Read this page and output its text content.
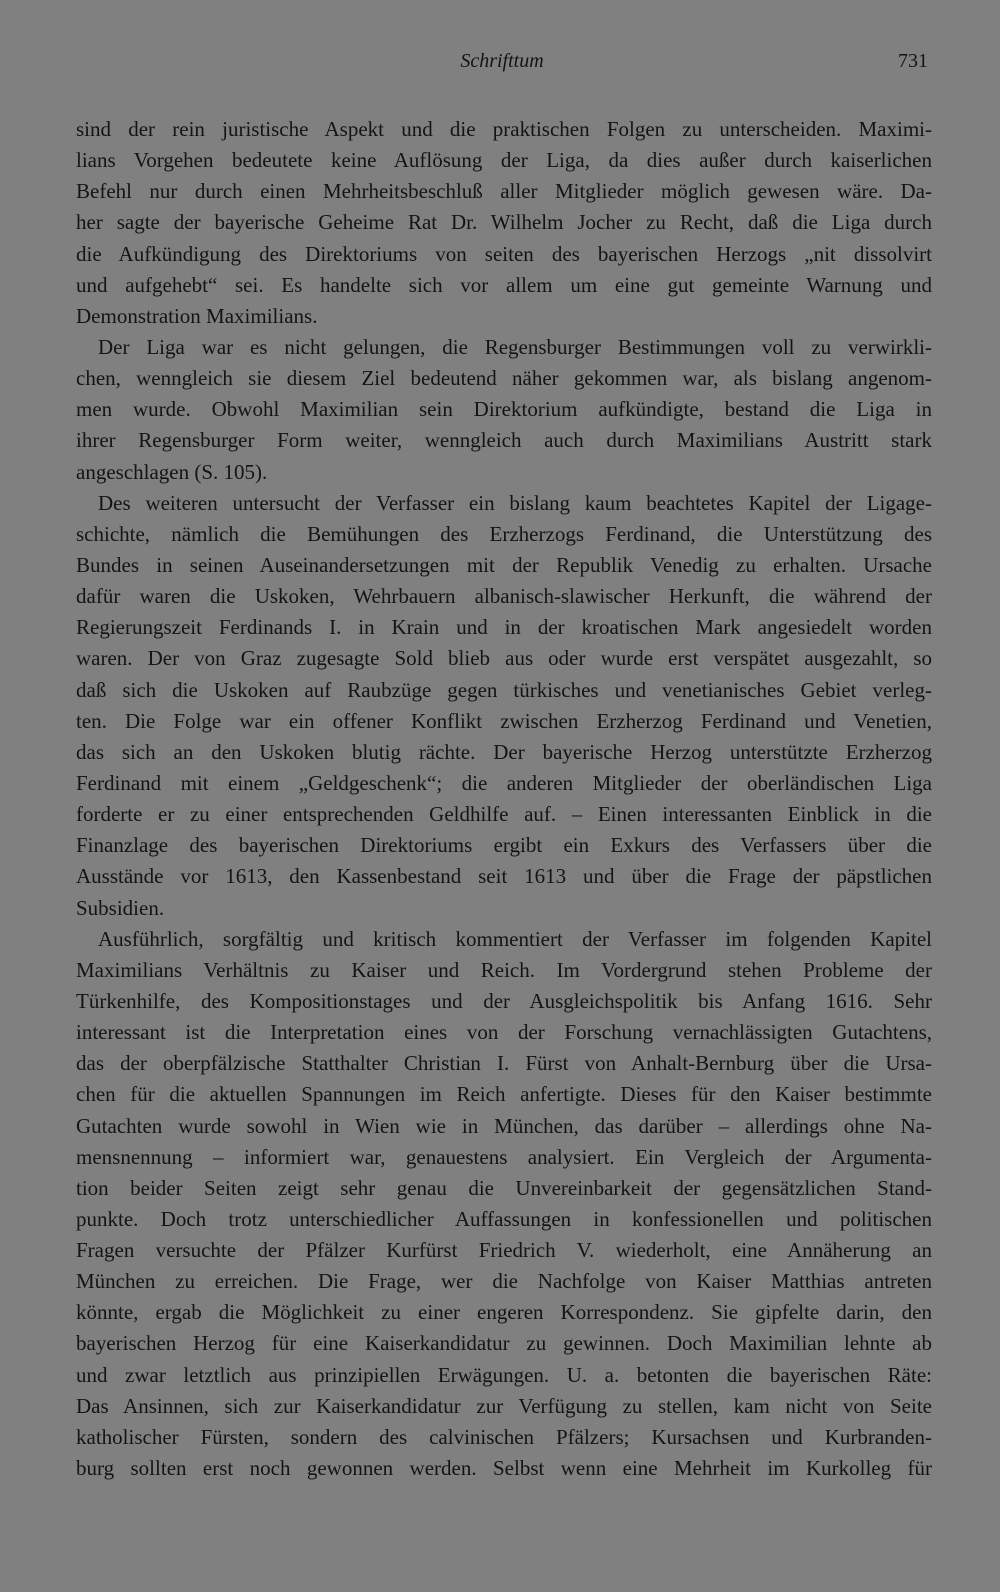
Schrifttum	731
sind der rein juristische Aspekt und die praktischen Folgen zu unterscheiden. Maximi-
lians Vorgehen bedeutete keine Auflösung der Liga, da dies außer durch kaiserlichen
Befehl nur durch einen Mehrheitsbeschluß aller Mitglieder möglich gewesen wäre. Da-
her sagte der bayerische Geheime Rat Dr. Wilhelm Jocher zu Recht, daß die Liga durch
die Aufkündigung des Direktoriums von seiten des bayerischen Herzogs „nit dissolvirt
und aufgehebt“ sei. Es handelte sich vor allem um eine gut gemeinte Warnung und
Demonstration Maximilians.
Der Liga war es nicht gelungen, die Regensburger Bestimmungen voll zu verwirkli-
chen, wenngleich sie diesem Ziel bedeutend näher gekommen war, als bislang angenom-
men wurde. Obwohl Maximilian sein Direktorium aufkündigte, bestand die Liga in
ihrer Regensburger Form weiter, wenngleich auch durch Maximilians Austritt stark
angeschlagen (S. 105).
Des weiteren untersucht der Verfasser ein bislang kaum beachtetes Kapitel der Ligage-
schichte, nämlich die Bemühungen des Erzherzogs Ferdinand, die Unterstützung des
Bundes in seinen Auseinandersetzungen mit der Republik Venedig zu erhalten. Ursache
dafür waren die Uskoken, Wehrbauern albanisch-slawischer Herkunft, die während der
Regierungszeit Ferdinands I. in Krain und in der kroatischen Mark angesiedelt worden
waren. Der von Graz zugesagte Sold blieb aus oder wurde erst verspätet ausgezahlt, so
daß sich die Uskoken auf Raubzüge gegen türkisches und venetianisches Gebiet verleg-
ten. Die Folge war ein offener Konflikt zwischen Erzherzog Ferdinand und Venetien,
das sich an den Uskoken blutig rächte. Der bayerische Herzog unterstützte Erzherzog
Ferdinand mit einem „Geldgeschenk“; die anderen Mitglieder der oberländischen Liga
forderte er zu einer entsprechenden Geldhilfe auf. – Einen interessanten Einblick in die
Finanzlage des bayerischen Direktoriums ergibt ein Exkurs des Verfassers über die
Ausstände vor 1613, den Kassenbestand seit 1613 und über die Frage der päpstlichen
Subsidien.
Ausführlich, sorgfältig und kritisch kommentiert der Verfasser im folgenden Kapitel
Maximilians Verhältnis zu Kaiser und Reich. Im Vordergrund stehen Probleme der
Türkenhilfe, des Kompositionstages und der Ausgleichspolitik bis Anfang 1616. Sehr
interessant ist die Interpretation eines von der Forschung vernachlässigten Gutachtens,
das der oberpfälzische Statthalter Christian I. Fürst von Anhalt-Bernburg über die Ursa-
chen für die aktuellen Spannungen im Reich anfertigte. Dieses für den Kaiser bestimmte
Gutachten wurde sowohl in Wien wie in München, das darüber – allerdings ohne Na-
mensnennung – informiert war, genauestens analysiert. Ein Vergleich der Argumenta-
tion beider Seiten zeigt sehr genau die Unvereinbarkeit der gegensätzlichen Stand-
punkte. Doch trotz unterschiedlicher Auffassungen in konfessionellen und politischen
Fragen versuchte der Pfälzer Kurfürst Friedrich V. wiederholt, eine Annäherung an
München zu erreichen. Die Frage, wer die Nachfolge von Kaiser Matthias antreten
könnte, ergab die Möglichkeit zu einer engeren Korrespondenz. Sie gipfelte darin, den
bayerischen Herzog für eine Kaiserkandidatur zu gewinnen. Doch Maximilian lehnte ab
und zwar letztlich aus prinzipiellen Erwägungen. U. a. betonten die bayerischen Räte:
Das Ansinnen, sich zur Kaiserkandidatur zur Verfügung zu stellen, kam nicht von Seite
katholischer Fürsten, sondern des calvinischen Pfälzers; Kursachsen und Kurbranden-
burg sollten erst noch gewonnen werden. Selbst wenn eine Mehrheit im Kurkolleg für
